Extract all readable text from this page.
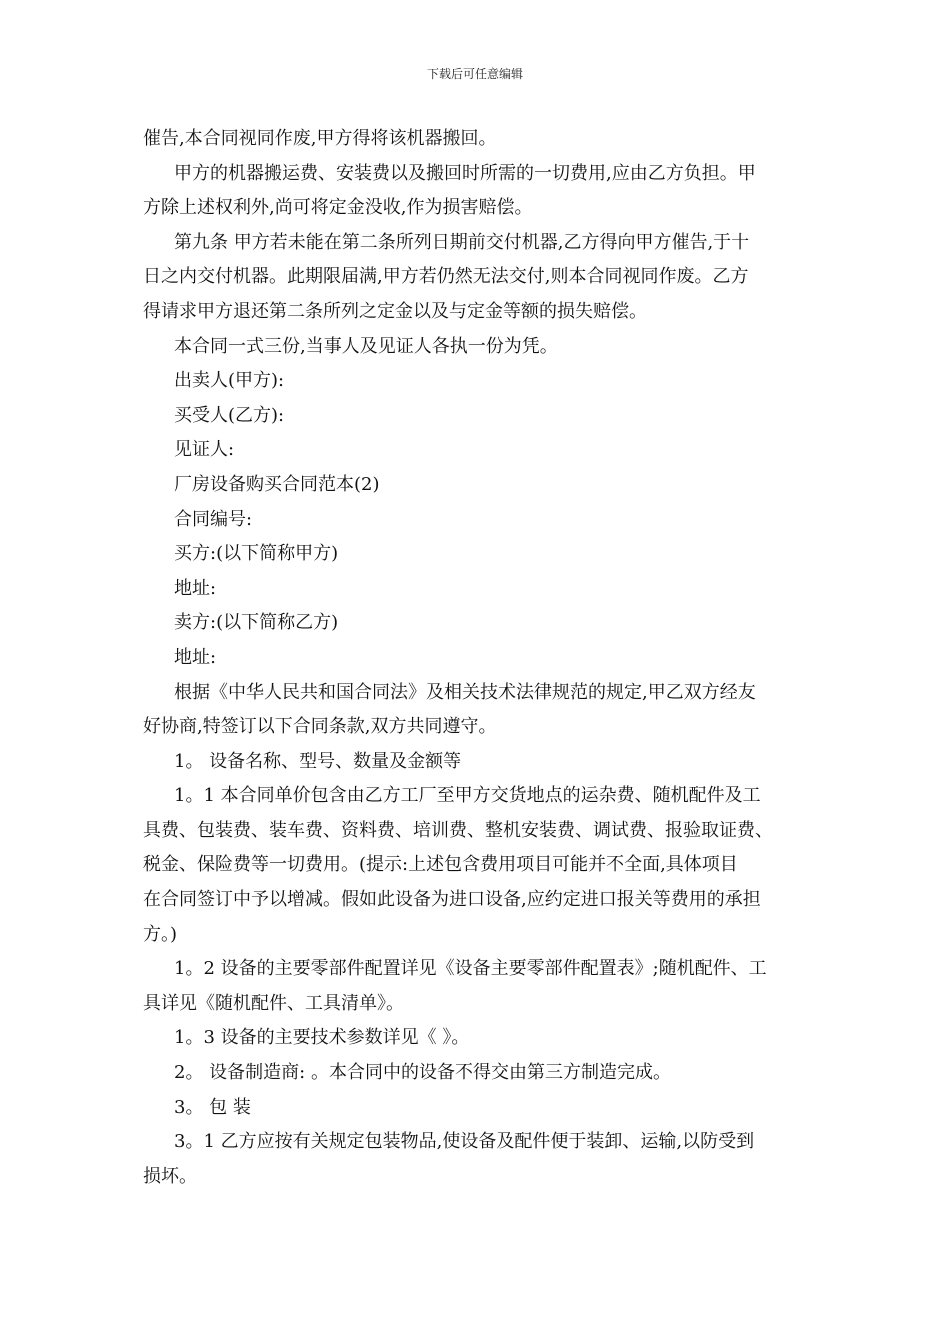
下载后可任意编辑

催告,本合同视同作废,甲方得将该机器搬回。

甲方的机器搬运费、安装费以及搬回时所需的一切费用,应由乙方负担。甲

方除上述权利外,尚可将定金没收,作为损害赔偿。

第九条 甲方若未能在第二条所列日期前交付机器,乙方得向甲方催告,于十

日之内交付机器。此期限届满,甲方若仍然无法交付,则本合同视同作废。乙方

得请求甲方退还第二条所列之定金以及与定金等额的损失赔偿。

本合同一式三份,当事人及见证人各执一份为凭。

出卖人(甲方):

买受人(乙方):

见证人:

厂房设备购买合同范本(2)

合同编号:

买方:(以下简称甲方)

地址:

卖方:(以下简称乙方)

地址:

根据《中华人民共和国合同法》及相关技术法律规范的规定,甲乙双方经友

好协商,特签订以下合同条款,双方共同遵守。

1。 设备名称、型号、数量及金额等

1。1 本合同单价包含由乙方工厂至甲方交货地点的运杂费、随机配件及工

具费、包装费、装车费、资料费、培训费、整机安装费、调试费、报验取证费、

税金、保险费等一切费用。(提示:上述包含费用项目可能并不全面,具体项目

在合同签订中予以增减。假如此设备为进口设备,应约定进口报关等费用的承担

方。)

1。2 设备的主要零部件配置详见《设备主要零部件配置表》;随机配件、工

具详见《随机配件、工具清单》。

1。3 设备的主要技术参数详见《 》。

2。 设备制造商: 。本合同中的设备不得交由第三方制造完成。

3。 包 装

3。1 乙方应按有关规定包装物品,使设备及配件便于装卸、运输,以防受到

损坏。
